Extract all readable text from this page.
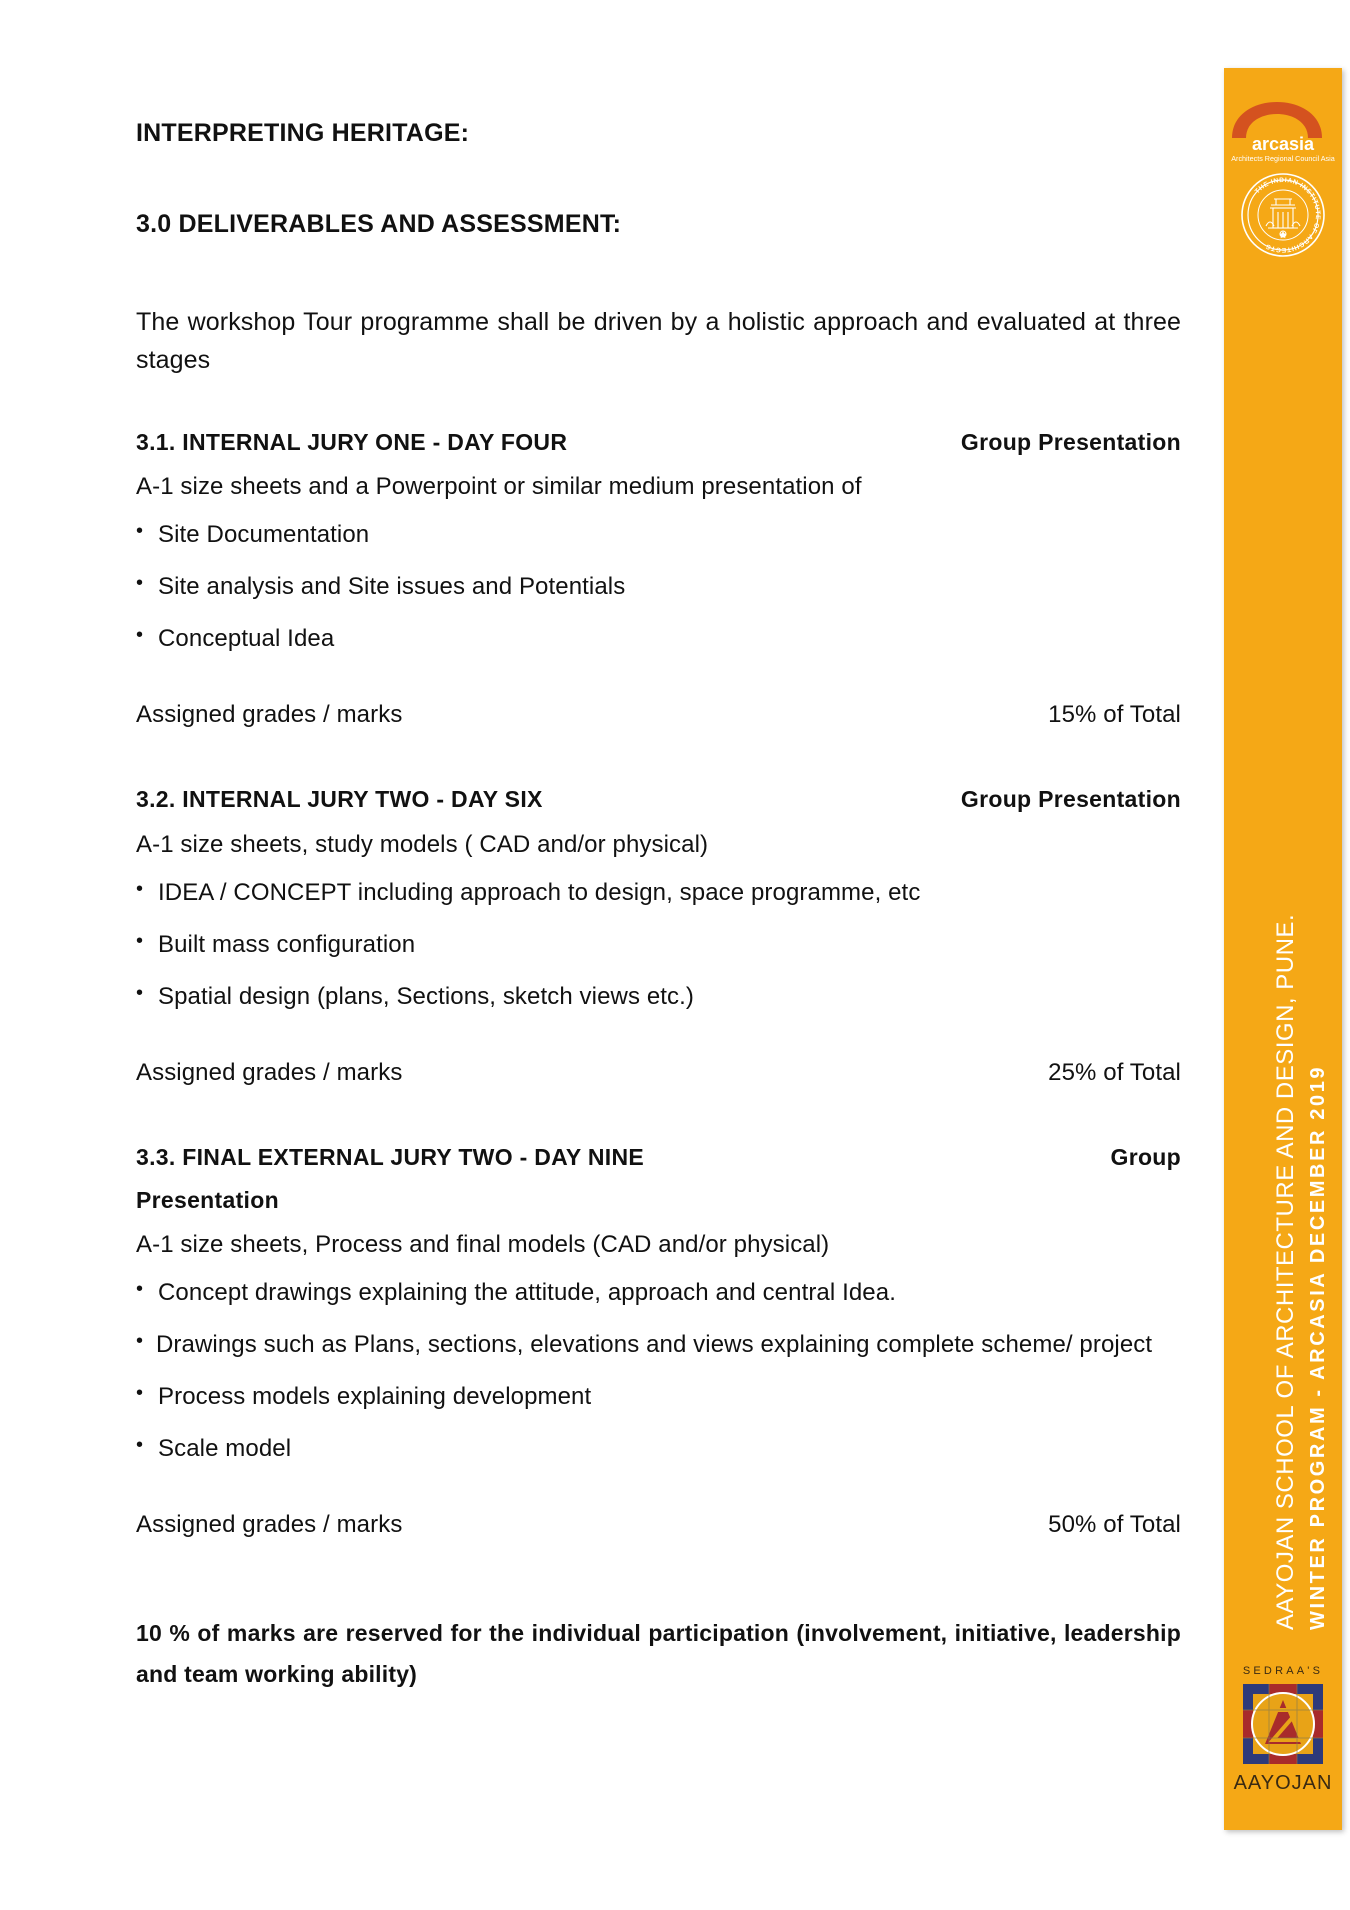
INTERPRETING HERITAGE:
3.0 DELIVERABLES AND ASSESSMENT:

The workshop Tour programme shall be driven by a holistic approach and evaluated at three stages

3.1. INTERNAL JURY ONE - DAY FOUR	Group Presentation

A-1 size sheets and a Powerpoint or similar medium presentation of

• Site Documentation
• Site analysis and Site issues and Potentials
• Conceptual Idea
Assigned grades / marks	15% of Total
3.2. INTERNAL JURY TWO - DAY SIX	Group Presentation

A-1 size sheets, study models ( CAD and/or physical)

• IDEA / CONCEPT including approach to design, space programme, etc
• Built mass configuration
• Spatial design (plans, Sections, sketch views etc.)
Assigned grades / marks	25% of Total
3.3. FINAL EXTERNAL JURY TWO - DAY NINE	Group
Presentation

A-1 size sheets, Process and final models (CAD and/or physical)

• Concept drawings explaining the attitude, approach and central Idea.
• Drawings such as Plans, sections, elevations and views explaining complete scheme/ project
• Process models explaining development
• Scale model
Assigned grades / marks	50% of Total

10 % of marks are reserved for the individual participation (involvement, initiative, leadership and team working ability)

arcasia
Architects Regional Council Asia
THE INDIAN INSTITUTE OF ARCHITECTS
AAYOJAN SCHOOL OF ARCHITECTURE AND DESIGN, PUNE. WINTER PROGRAM - ARCASIA DECEMBER 2019
SEDRAA'S
AAYOJAN
